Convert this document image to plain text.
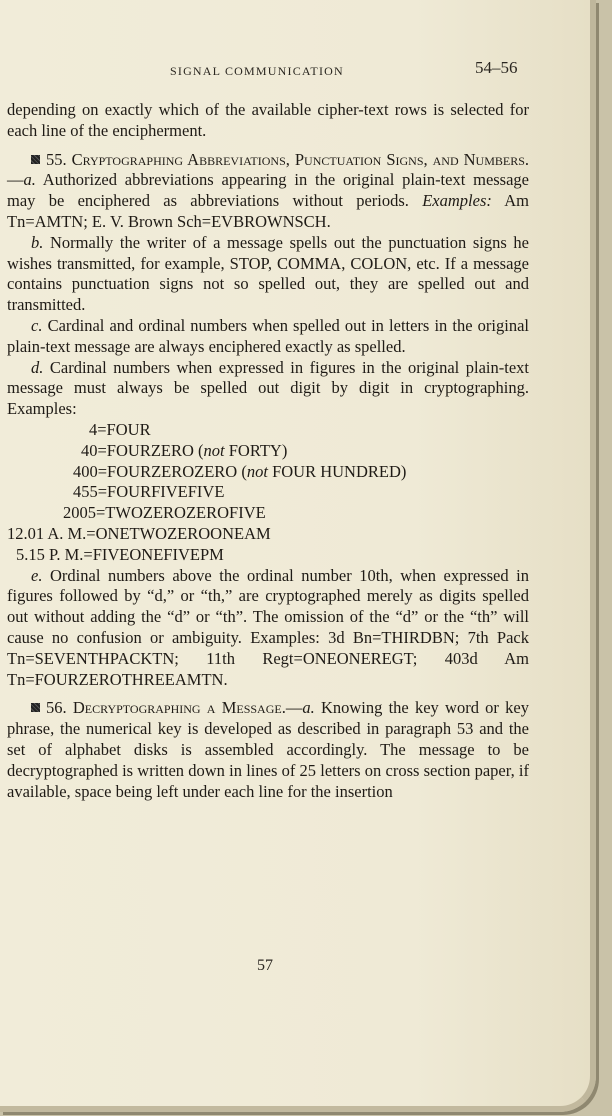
SIGNAL COMMUNICATION	54–56

depending on exactly which of the available cipher-text rows is selected for each line of the encipherment.

55. Cryptographing Abbreviations, Punctuation Signs, and Numbers.—a. Authorized abbreviations appearing in the original plain-text message may be enciphered as abbreviations without periods. Examples: Am Tn=AMTN; E. V. Brown Sch=EVBROWNSCH.

b. Normally the writer of a message spells out the punctuation signs he wishes transmitted, for example, STOP, COMMA, COLON, etc. If a message contains punctuation signs not so spelled out, they are spelled out and transmitted.

c. Cardinal and ordinal numbers when spelled out in letters in the original plain-text message are always enciphered exactly as spelled.

d. Cardinal numbers when expressed in figures in the original plain-text message must always be spelled out digit by digit in cryptographing. Examples:

4=FOUR
40=FOURZERO (not FORTY)
400=FOURZEROZERO (not FOUR HUNDRED)
455=FOURFIVEFIVE
2005=TWOZEROZEROFIVE
12.01 A. M.=ONETWOZEROONEAM
5.15 P. M.=FIVEONEFIVEPM

e. Ordinal numbers above the ordinal number 10th, when expressed in figures followed by “d,” or “th,” are cryptographed merely as digits spelled out without adding the “d” or “th”. The omission of the “d” or the “th” will cause no confusion or ambiguity. Examples: 3d Bn=THIRDBN; 7th Pack Tn=SEVENTHPACKTN; 11th Regt=ONEONEREGT; 403d Am Tn=FOURZEROTHREEAMTN.

56. Decryptographing a Message.—a. Knowing the key word or key phrase, the numerical key is developed as described in paragraph 53 and the set of alphabet disks is assembled accordingly. The message to be decryptographed is written down in lines of 25 letters on cross section paper, if available, space being left under each line for the insertion

57
